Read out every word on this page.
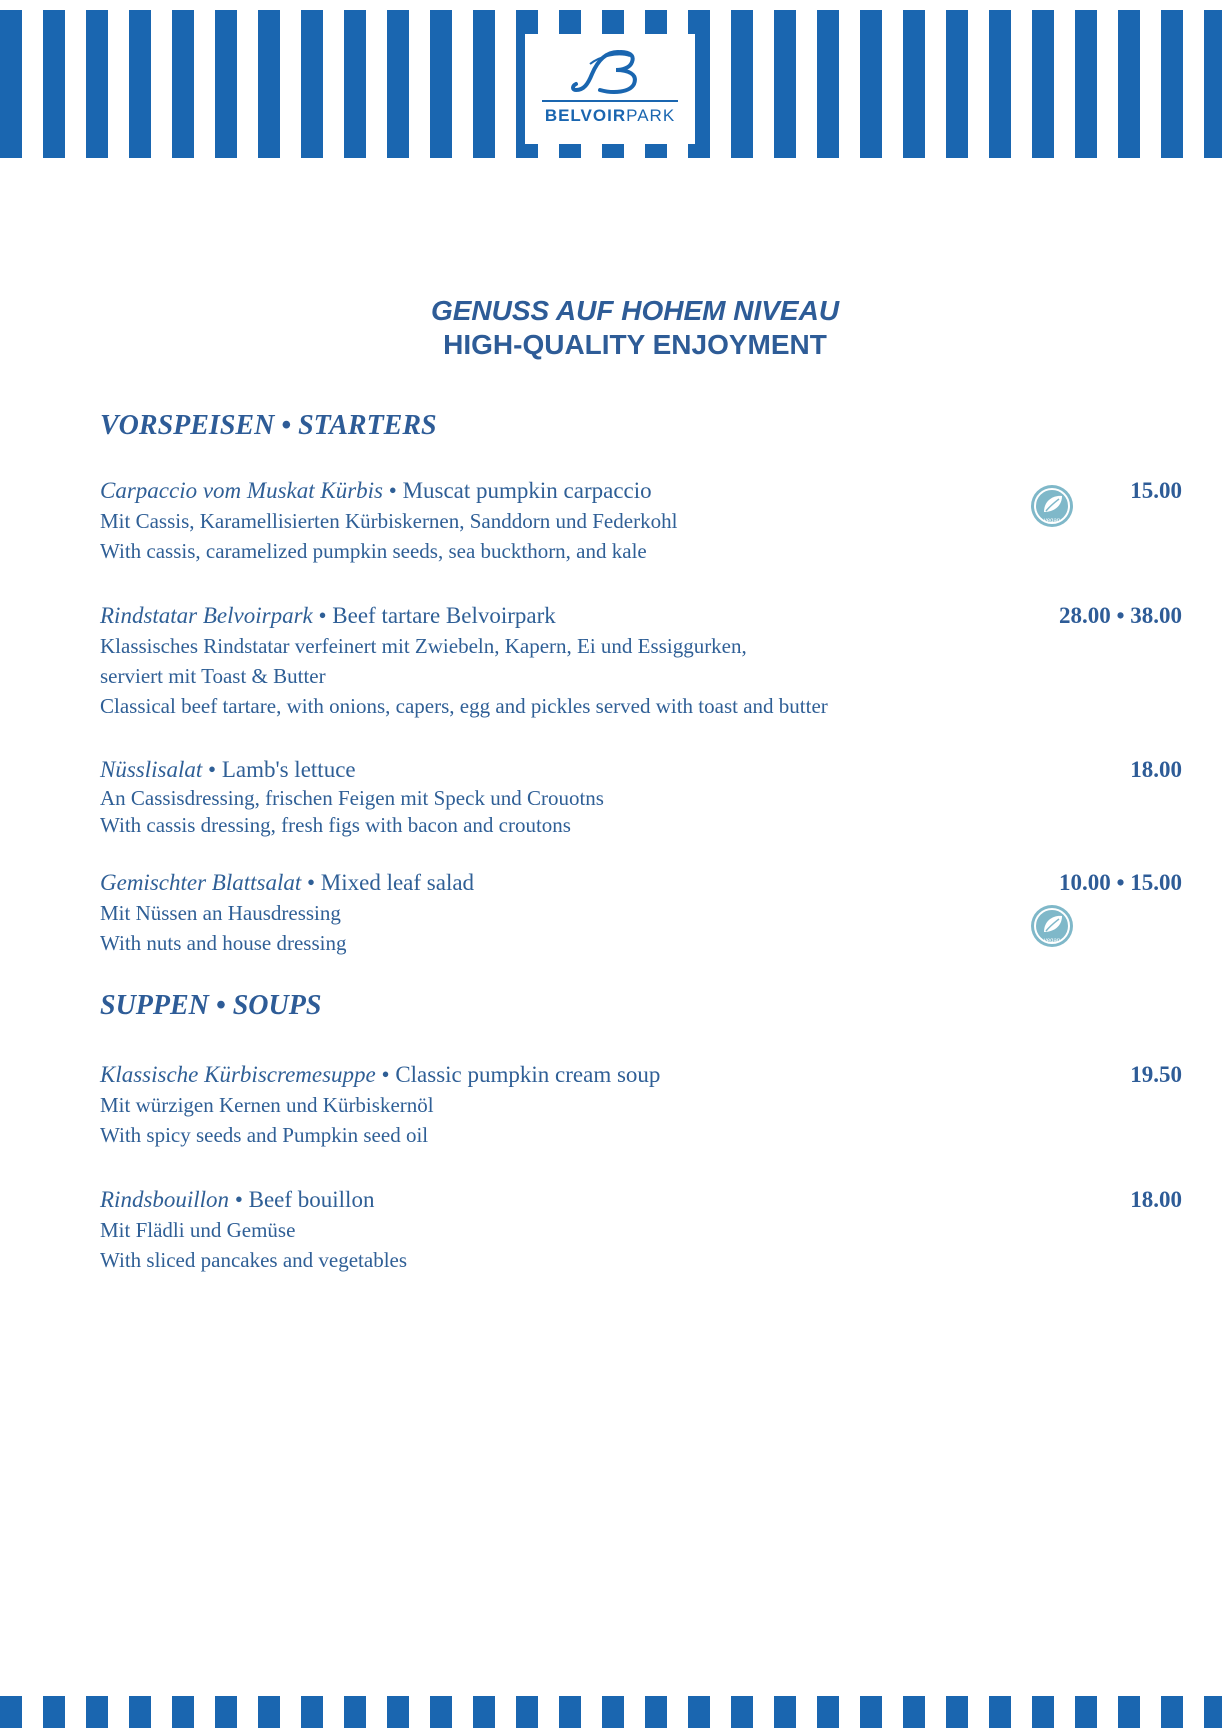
BELVOIRPARK
GENUSS AUF HOHEM NIVEAU
HIGH-QUALITY ENJOYMENT
VORSPEISEN • STARTERS
Carpaccio vom Muskat Kürbis • Muscat pumpkin carpaccio
Mit Cassis, Karamellisierten Kürbiskernen, Sanddorn und Federkohl
With cassis, caramelized pumpkin seeds, sea buckthorn, and kale
15.00
vegan
Rindstatar Belvoirpark • Beef tartare Belvoirpark
Klassisches Rindstatar verfeinert mit Zwiebeln, Kapern, Ei und Essiggurken,
serviert mit Toast & Butter
Classical beef tartare, with onions, capers, egg and pickles served with toast and butter
28.00 • 38.00
Nüsslisalat • Lamb's lettuce
An Cassisdressing, frischen Feigen mit Speck und Crouotns
With cassis dressing, fresh figs with bacon and croutons
18.00
Gemischter Blattsalat • Mixed leaf salad
Mit Nüssen an Hausdressing
With nuts and house dressing
10.00 • 15.00
vegan
SUPPEN • SOUPS
Klassische Kürbiscremesuppe • Classic pumpkin cream soup
Mit würzigen Kernen und Kürbiskernöl
With spicy seeds and Pumpkin seed oil
19.50
Rindsbouillon • Beef bouillon
Mit Flädli und Gemüse
With sliced pancakes and vegetables
18.00
